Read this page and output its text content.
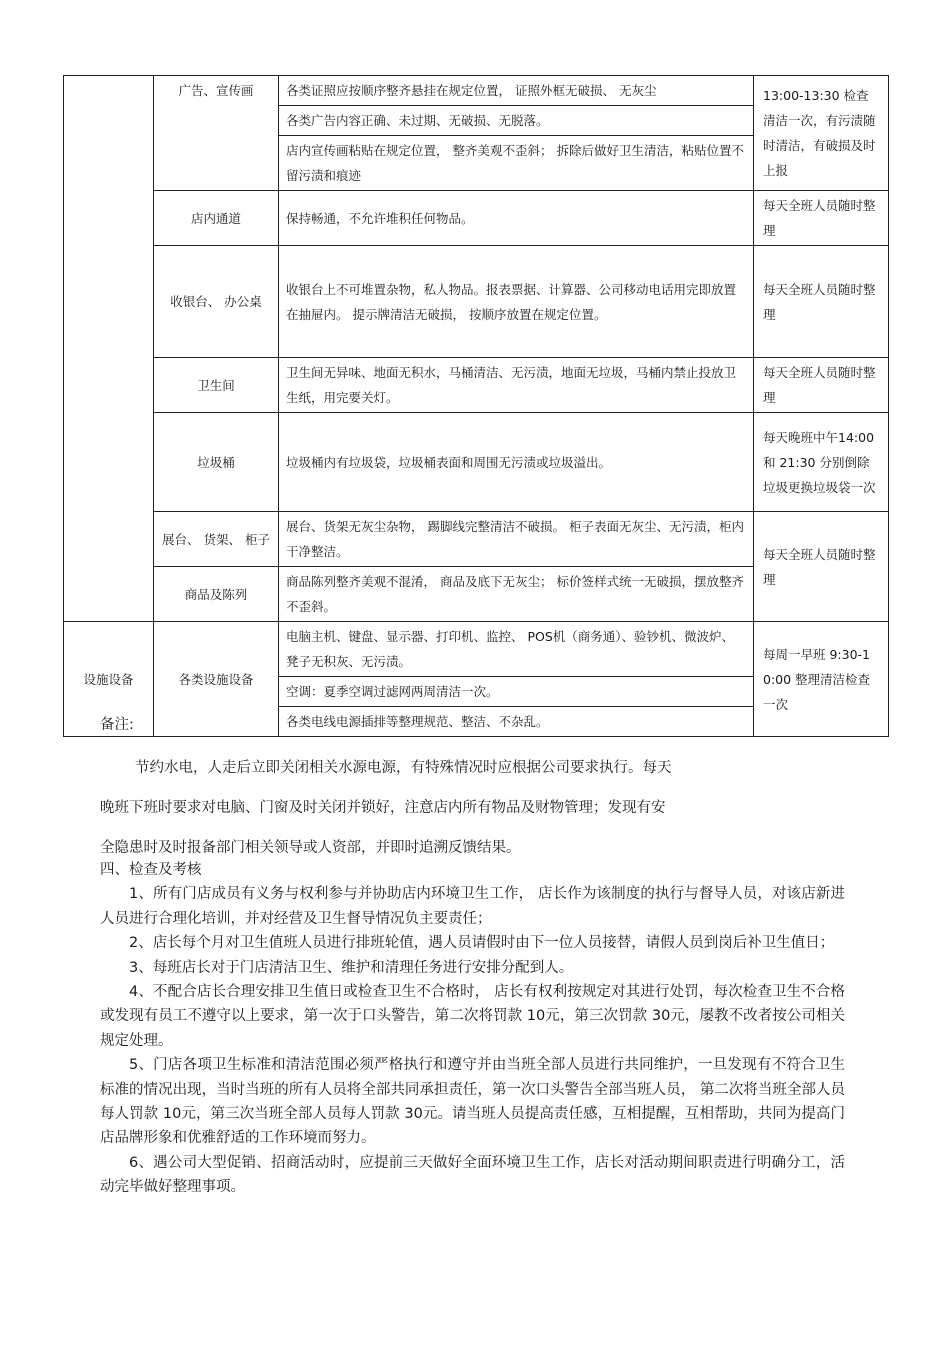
	广告、宣传画	各类证照应按顺序整齐悬挂在规定位置， 证照外框无破损、 无灰尘	13:00-13:30 检查清洁一次，有污渍随时清洁，有破损及时上报
		各类广告内容正确、未过期、无破损、无脱落。	
		店内宣传画粘贴在规定位置， 整齐美观不歪斜； 拆除后做好卫生清洁，粘贴位置不留污渍和痕迹	
	店内通道	保持畅通，不允许堆积任何物品。	每天全班人员随时整理
	收银台、 办公桌	收银台上不可堆置杂物，私人物品。报表票据、计算器、公司移动电话用完即放置在抽屉内。 提示牌清洁无破损， 按顺序放置在规定位置。	每天全班人员随时整理
	卫生间	卫生间无异味、地面无积水，马桶清洁、无污渍，地面无垃圾，马桶内禁止投放卫生纸，用完要关灯。	每天全班人员随时整理
	垃圾桶	垃圾桶内有垃圾袋，垃圾桶表面和周围无污渍或垃圾溢出。	每天晚班中午14:00 和 21:30 分别倒除垃圾更换垃圾袋一次
	展台、 货架、 柜子	展台、货架无灰尘杂物， 踢脚线完整清洁不破损。 柜子表面无灰尘、无污渍，柜内干净整洁。	每天全班人员随时整理
	商品及陈列	商品陈列整齐美观不混淆， 商品及底下无灰尘； 标价签样式统一无破损，摆放整齐不歪斜。	
设施设备	各类设施设备	电脑主机、键盘、显示器、打印机、监控、 POS机（商务通）、验钞机、微波炉、凳子无积灰、无污渍。	每周一早班 9:30-10:00 整理清洁检查一次
		空调：夏季空调过滤网两周清洁一次。	
		各类电线电源插排等整理规范、整洁、不杂乱。	
备注:
节约水电，人走后立即关闭相关水源电源，有特殊情况时应根据公司要求执行。每天
晚班下班时要求对电脑、门窗及时关闭并锁好，注意店内所有物品及财物管理；发现有安
全隐患时及时报备部门相关领导或人资部，并即时追溯反馈结果。

四、检查及考核

1、所有门店成员有义务与权利参与并协助店内环境卫生工作， 店长作为该制度的执行与督导人员，对该店新进人员进行合理化培训，并对经营及卫生督导情况负主要责任；

2、店长每个月对卫生值班人员进行排班轮值，遇人员请假时由下一位人员接替，请假人员到岗后补卫生值日；

3、每班店长对于门店清洁卫生、维护和清理任务进行安排分配到人。

4、不配合店长合理安排卫生值日或检查卫生不合格时， 店长有权利按规定对其进行处罚，每次检查卫生不合格或发现有员工不遵守以上要求，第一次于口头警告，第二次将罚款 10元，第三次罚款 30元，屡教不改者按公司相关规定处理。

5、门店各项卫生标准和清洁范围必须严格执行和遵守并由当班全部人员进行共同维护，一旦发现有不符合卫生标准的情况出现，当时当班的所有人员将全部共同承担责任，第一次口头警告全部当班人员， 第二次将当班全部人员每人罚款 10元，第三次当班全部人员每人罚款 30元。请当班人员提高责任感，互相提醒，互相帮助，共同为提高门店品牌形象和优雅舒适的工作环境而努力。

6、遇公司大型促销、招商活动时，应提前三天做好全面环境卫生工作，店长对活动期间职责进行明确分工，活动完毕做好整理事项。
